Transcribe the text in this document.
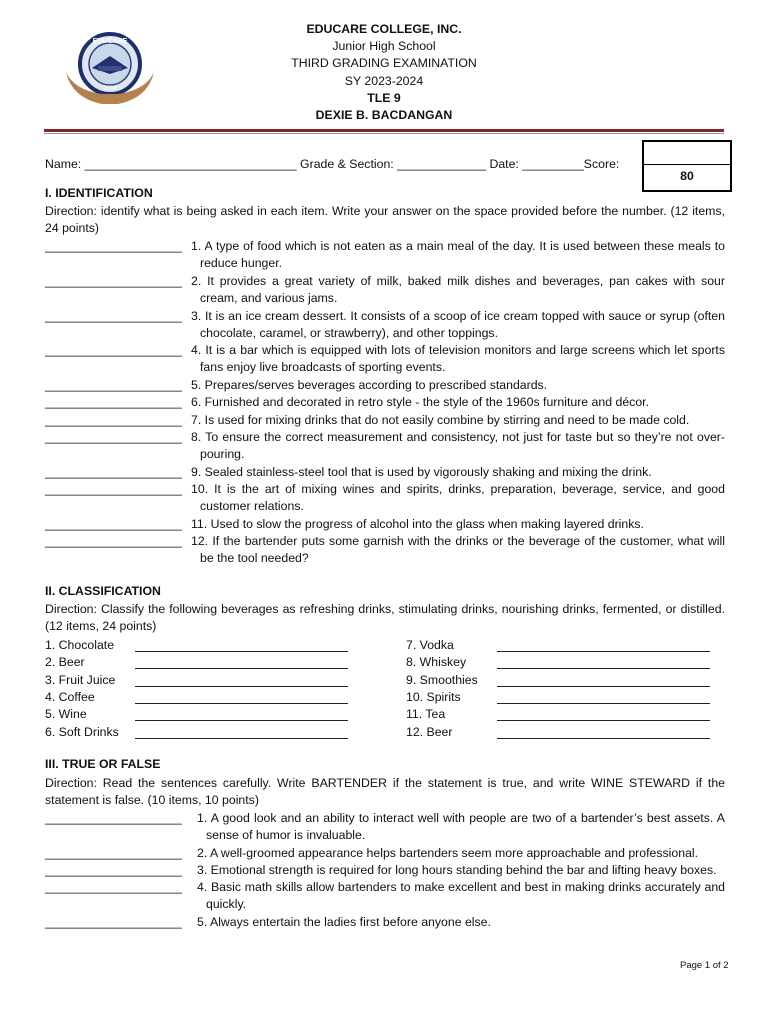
EDUCARE
2004
EDUCARE COLLEGE, INC.
Junior High School
THIRD GRADING EXAMINATION
SY 2023-2024
TLE 9
DEXIE B. BACDANGAN
Name: _______________________________ Grade & Section: _____________ Date: _________Score:
80
I. IDENTIFICATION
Direction: identify what is being asked in each item. Write your answer on the space provided before the number. (12 items, 24 points)
____________________ 1. A type of food which is not eaten as a main meal of the day. It is used between these meals to reduce hunger.
____________________ 2. It provides a great variety of milk, baked milk dishes and beverages, pan cakes with sour cream, and various jams.
____________________ 3. It is an ice cream dessert. It consists of a scoop of ice cream topped with sauce or syrup (often chocolate, caramel, or strawberry), and other toppings.
____________________ 4. It is a bar which is equipped with lots of television monitors and large screens which let sports fans enjoy live broadcasts of sporting events.
____________________ 5. Prepares/serves beverages according to prescribed standards.
____________________ 6. Furnished and decorated in retro style - the style of the 1960s furniture and décor.
____________________ 7. Is used for mixing drinks that do not easily combine by stirring and need to be made cold.
____________________ 8. To ensure the correct measurement and consistency, not just for taste but so they’re not over-pouring.
____________________ 9. Sealed stainless-steel tool that is used by vigorously shaking and mixing the drink.
____________________ 10. It is the art of mixing wines and spirits, drinks, preparation, beverage, service, and good customer relations.
____________________ 11. Used to slow the progress of alcohol into the glass when making layered drinks.
____________________ 12. If the bartender puts some garnish with the drinks or the beverage of the customer, what will be the tool needed?
II. CLASSIFICATION
Direction: Classify the following beverages as refreshing drinks, stimulating drinks, nourishing drinks, fermented, or distilled. (12 items, 24 points)
1. Chocolate
2. Beer
3. Fruit Juice
4. Coffee
5. Wine
6. Soft Drinks
7. Vodka
8. Whiskey
9. Smoothies
10. Spirits
11. Tea
12. Beer
III. TRUE OR FALSE
Direction: Read the sentences carefully. Write BARTENDER if the statement is true, and write WINE STEWARD if the statement is false. (10 items, 10 points)
____________________ 1. A good look and an ability to interact well with people are two of a bartender’s best assets. A sense of humor is invaluable.
____________________ 2. A well-groomed appearance helps bartenders seem more approachable and professional.
____________________ 3. Emotional strength is required for long hours standing behind the bar and lifting heavy boxes.
____________________ 4. Basic math skills allow bartenders to make excellent and best in making drinks accurately and quickly.
____________________ 5. Always entertain the ladies first before anyone else.
Page 1 of 2
